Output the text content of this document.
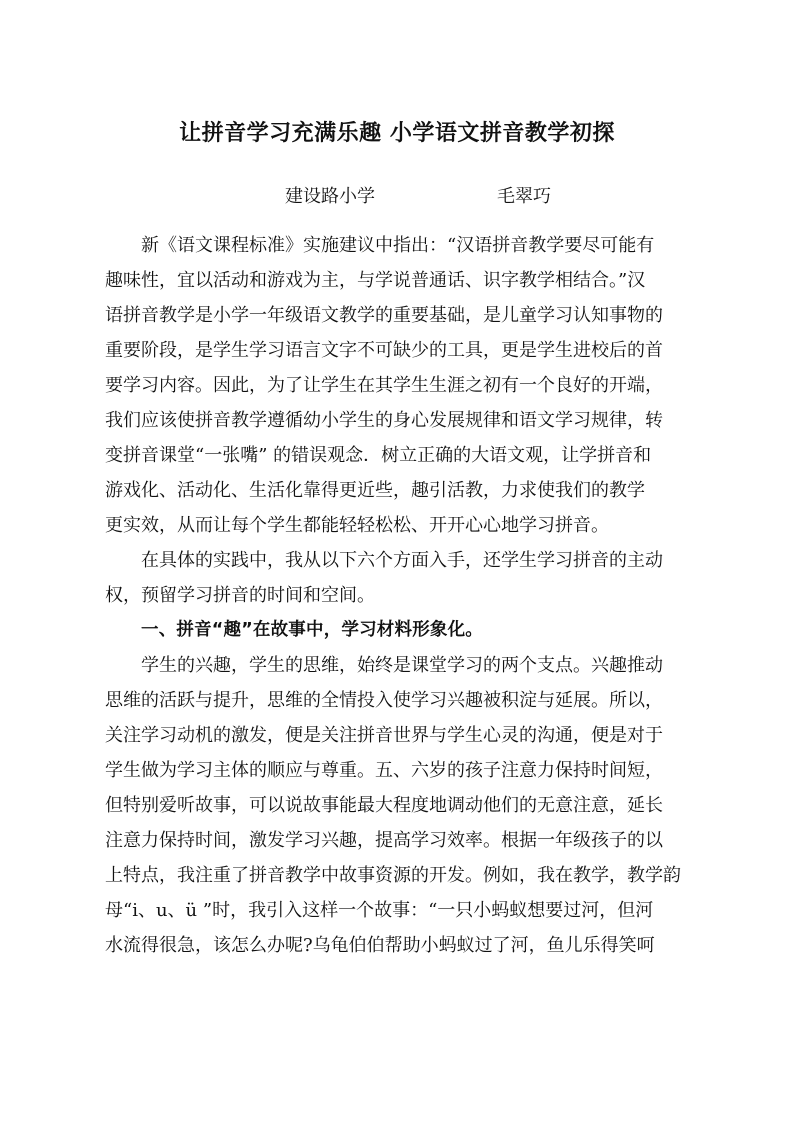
让拼音学习充满乐趣 小学语文拼音教学初探
建设路小学	毛翠巧
新《语文课程标准》实施建议中指出：“汉语拼音教学要尽可能有
趣味性，宜以活动和游戏为主，与学说普通话、识字教学相结合。”汉
语拼音教学是小学一年级语文教学的重要基础，是儿童学习认知事物的
重要阶段，是学生学习语言文字不可缺少的工具，更是学生进校后的首
要学习内容。因此，为了让学生在其学生生涯之初有一个良好的开端，
我们应该使拼音教学遵循幼小学生的身心发展规律和语文学习规律，转
变拼音课堂“一张嘴” 的错误观念．树立正确的大语文观，让学拼音和
游戏化、活动化、生活化靠得更近些，趣引活教，力求使我们的教学
更实效，从而让每个学生都能轻轻松松、开开心心地学习拼音。
在具体的实践中，我从以下六个方面入手，还学生学习拼音的主动
权，预留学习拼音的时间和空间。
一、拼音“趣”在故事中，学习材料形象化。
学生的兴趣，学生的思维，始终是课堂学习的两个支点。兴趣推动
思维的活跃与提升，思维的全情投入使学习兴趣被积淀与延展。所以，
关注学习动机的激发，便是关注拼音世界与学生心灵的沟通，便是对于
学生做为学习主体的顺应与尊重。五、六岁的孩子注意力保持时间短，
但特别爱听故事，可以说故事能最大程度地调动他们的无意注意，延长
注意力保持时间，激发学习兴趣，提高学习效率。根据一年级孩子的以
上特点，我注重了拼音教学中故事资源的开发。例如，我在教学，教学韵
母“i、u、ü ”时，我引入这样一个故事：“一只小蚂蚁想要过河，但河
水流得很急，该怎么办呢?乌龟伯伯帮助小蚂蚁过了河，鱼儿乐得笑呵
